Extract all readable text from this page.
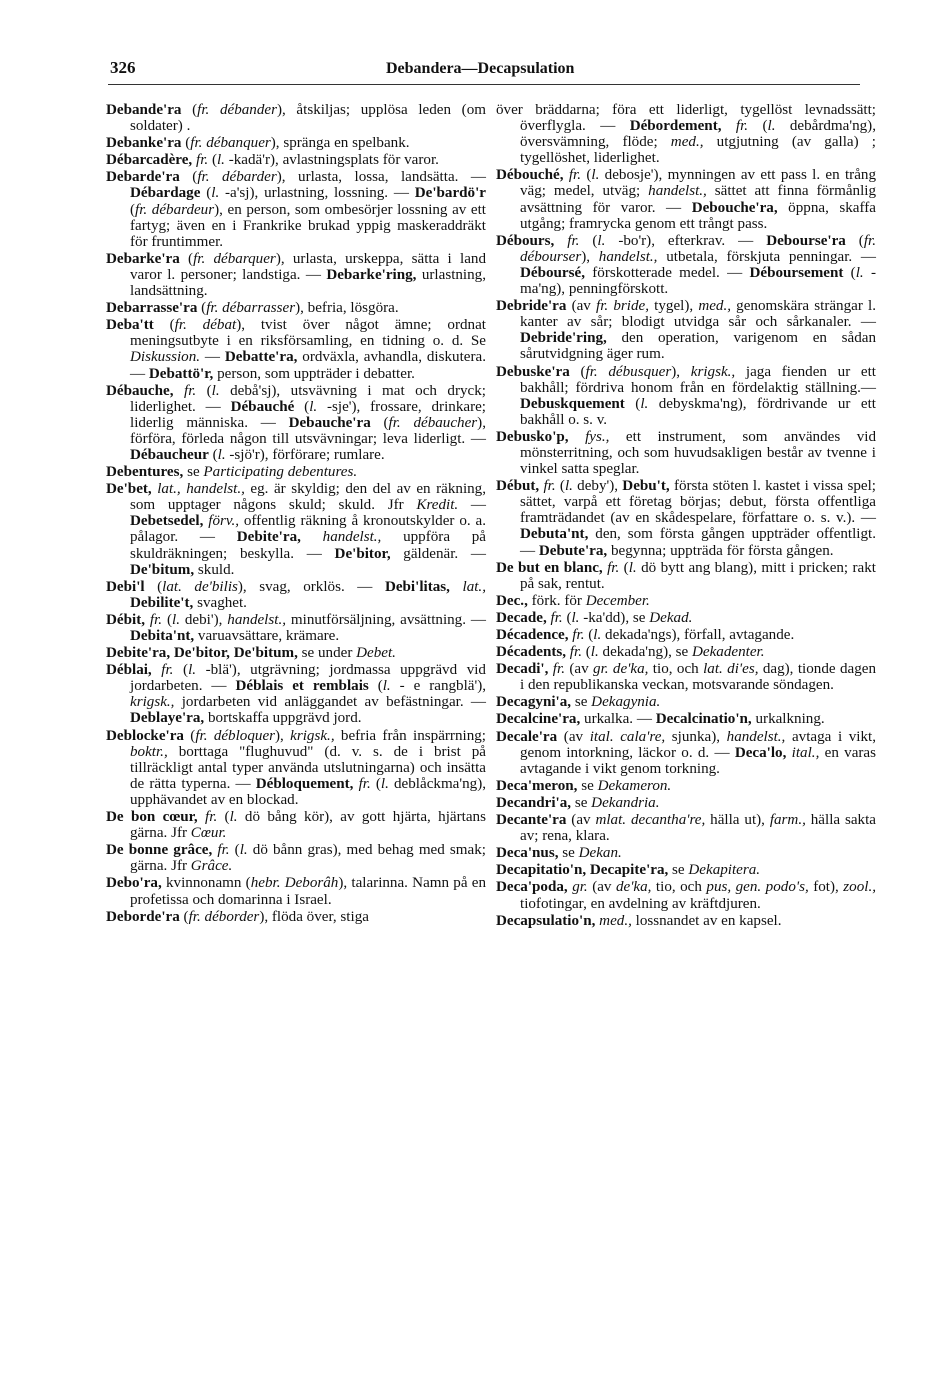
326	Debandera—Decapsulation

Debande'ra (fr. débander), åtskiljas; upplösa leden (om soldater) .

Debanke'ra (fr. débanquer), spränga en spelbank.

Débarcadère, fr. (l. -kadä'r), avlastningsplats för varor.

Debarde'ra (fr. débarder), urlasta, lossa, landsätta. — Débardage (l. -a'sj), urlastning, lossning. — De'bardö'r (fr. débardeur), en person, som ombesörjer lossning av ett fartyg; även en i Frankrike brukad yppig maskeraddräkt för fruntimmer.

Debarke'ra (fr. débarquer), urlasta, urskeppa, sätta i land varor l. personer; landstiga. — Debarke'ring, urlastning, landsättning.

Debarrasse'ra (fr. débarrasser), befria, lösgöra.

Deba'tt (fr. débat), tvist över något ämne; ordnat meningsutbyte i en riksförsamling, en tidning o. d. Se Diskussion. — Debatte'ra, ordväxla, avhandla, diskutera. — Debattö'r, person, som uppträder i debatter.

Débauche, fr. (l. debå'sj), utsvävning i mat och dryck; liderlighet. — Débauché (l. -sje'), frossare, drinkare; liderlig människa. — Debauche'ra (fr. débaucher), förföra, förleda någon till utsvävningar; leva liderligt. — Débaucheur (l. -sjö'r), förförare; rumlare.

Debentures, se Participating debentures.

De'bet, lat., handelst., eg. är skyldig; den del av en räkning, som upptager någons skuld; skuld. Jfr Kredit. — Debetsedel, förv., offentlig räkning å kronoutskylder o. a. pålagor. — Debite'ra, handelst., uppföra på skuldräkningen; beskylla. — De'bitor, gäldenär. — De'bitum, skuld.

Debi'l (lat. de'bilis), svag, orklös. — Debi'litas, lat., Debilite't, svaghet.

Débit, fr. (l. debi'), handelst., minutförsäljning, avsättning. — Debita'nt, varuavsättare, krämare.

Debite'ra, De'bitor, De'bitum, se under Debet.

Déblai, fr. (l. -blä'), utgrävning; jordmassa uppgrävd vid jordarbeten. — Déblais et remblais (l. - e rangblä'), krigsk., jordarbeten vid anläggandet av befästningar. — Deblaye'ra, bortskaffa uppgrävd jord.

Deblocke'ra (fr. débloquer), krigsk., befria från inspärrning; boktr., borttaga "flughuvud" (d. v. s. de i brist på tillräckligt antal typer använda utslutningarna) och insätta de rätta typerna. — Débloquement, fr. (l. deblåckma'ng), upphävandet av en blockad.

De bon cœur, fr. (l. dö bång kör), av gott hjärta, hjärtans gärna. Jfr Cœur.

De bonne grâce, fr. (l. dö bånn gras), med behag med smak; gärna. Jfr Grâce.

Debo'ra, kvinnonamn (hebr. Deborâh), talarinna. Namn på en profetissa och domarinna i Israel.

Deborde'ra (fr. déborder), flöda över, stiga

över bräddarna; föra ett liderligt, tygellöst levnadssätt; överflygla. — Débordement, fr. (l. debårdma'ng), översvämning, flöde; med., utgjutning (av galla) ; tygellöshet, liderlighet.

Débouché, fr. (l. debosje'), mynningen av ett pass l. en trång väg; medel, utväg; handelst., sättet att finna förmånlig avsättning för varor. — Debouche'ra, öppna, skaffa utgång; framrycka genom ett trångt pass.

Débours, fr. (l. -bo'r), efterkrav. — Debourse'ra (fr. débourser), handelst., utbetala, förskjuta penningar. — Déboursé, förskotterade medel. — Déboursement (l. -ma'ng), penningförskott.

Debride'ra (av fr. bride, tygel), med., genomskära strängar l. kanter av sår; blodigt utvidga sår och sårkanaler. — Debride'ring, den operation, varigenom en sådan sårutvidgning äger rum.

Debuske'ra (fr. débusquer), krigsk., jaga fienden ur ett bakhåll; fördriva honom från en fördelaktig ställning.—Debuskquement (l. debyskma'ng), fördrivande ur ett bakhåll o. s. v.

Debusko'p, fys., ett instrument, som användes vid mönsterritning, och som huvudsakligen består av tvenne i vinkel satta speglar.

Début, fr. (l. deby'), Debu't, första stöten l. kastet i vissa spel; sättet, varpå ett företag börjas; debut, första offentliga framträdandet (av en skådespelare, författare o. s. v.). — Debuta'nt, den, som första gången uppträder offentligt. — Debute'ra, begynna; uppträda för första gången.

De but en blanc, fr. (l. dö bytt ang blang), mitt i pricken; rakt på sak, rentut.

Dec., förk. för December.

Decade, fr. (l. -ka'dd), se Dekad.

Décadence, fr. (l. dekada'ngs), förfall, avtagande.

Décadents, fr. (l. dekada'ng), se Dekadenter.

Decadi', fr. (av gr. de'ka, tio, och lat. di'es, dag), tionde dagen i den republikanska veckan, motsvarande söndagen.

Decagyni'a, se Dekagynia.

Decalcine'ra, urkalka. — Decalcinatio'n, urkalkning.

Decale'ra (av ital. cala're, sjunka), handelst., avtaga i vikt, genom intorkning, läckor o. d. — Deca'lo, ital., en varas avtagande i vikt genom torkning.

Deca'meron, se Dekameron.

Decandri'a, se Dekandria.

Decante'ra (av mlat. decantha're, hälla ut), farm., hälla sakta av; rena, klara.

Deca'nus, se Dekan.

Decapitatio'n, Decapite'ra, se Dekapitera.

Deca'poda, gr. (av de'ka, tio, och pus, gen. podo's, fot), zool., tiofotingar, en avdelning av kräftdjuren.

Decapsulatio'n, med., lossnandet av en kapsel.
